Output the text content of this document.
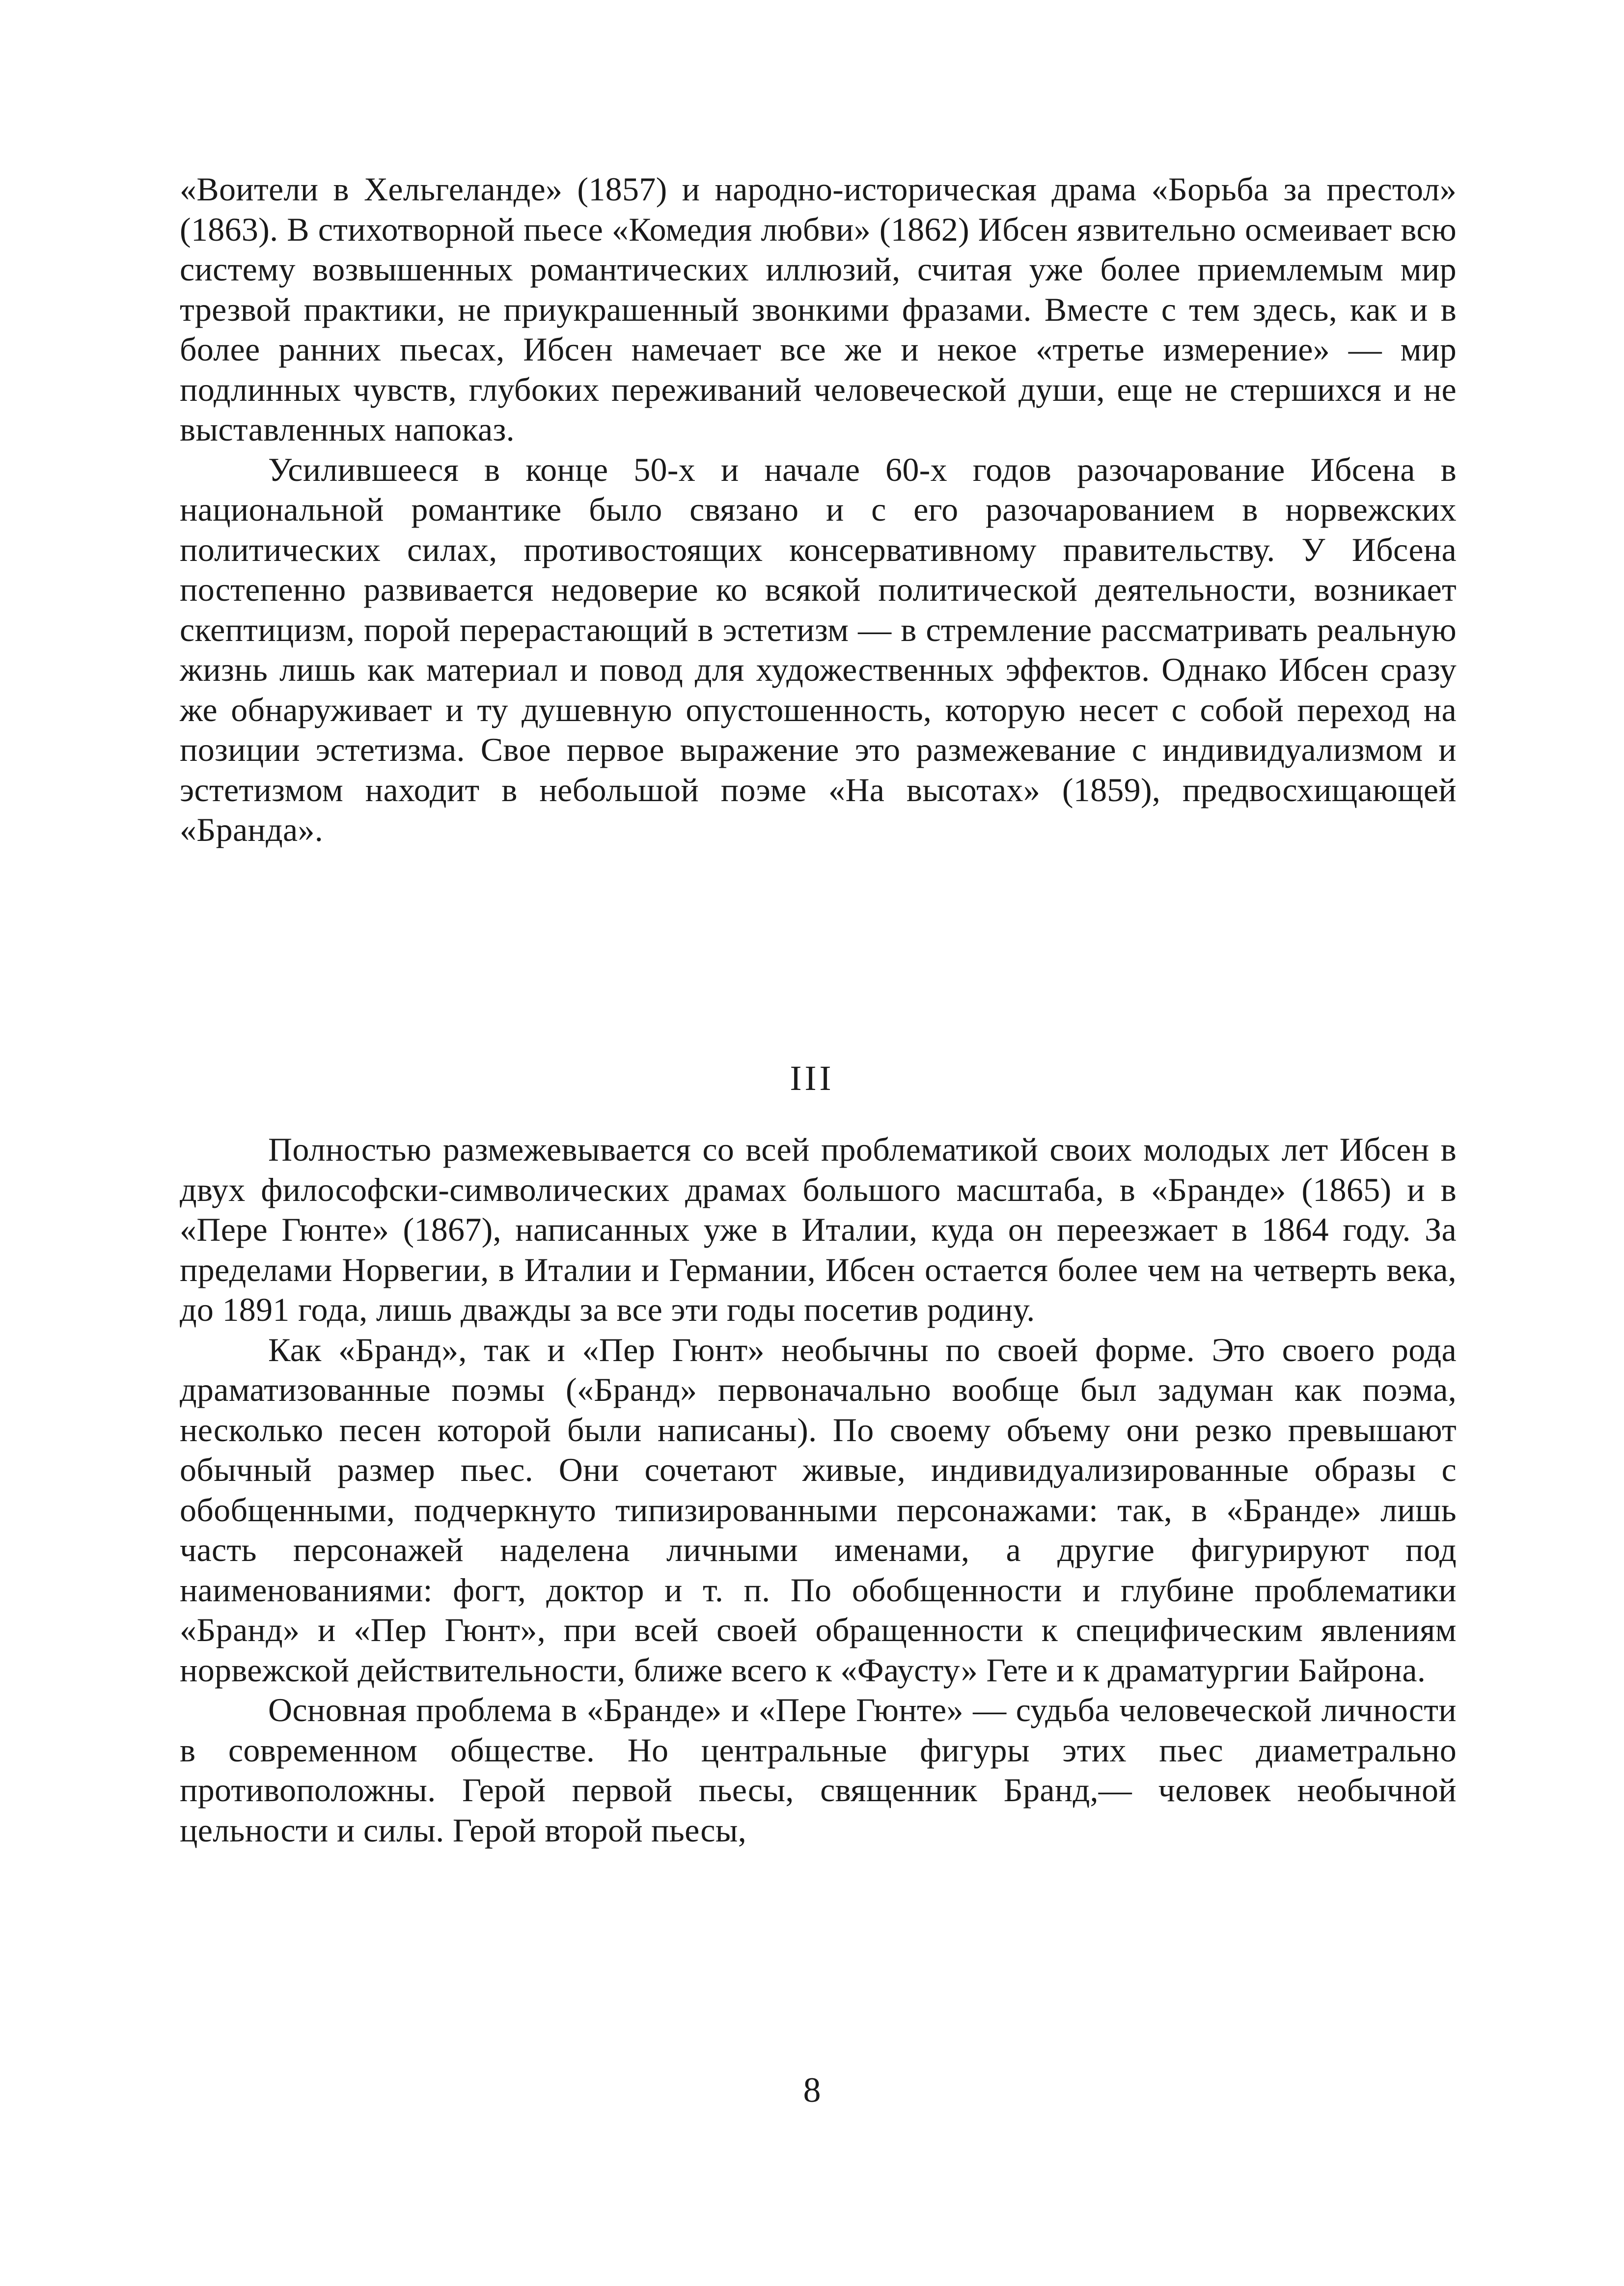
«Воители в Хельгеланде» (1857) и народно-историческая драма «Борьба за престол» (1863). В стихотворной пьесе «Комедия любви» (1862) Ибсен язвительно осмеивает всю систему возвышенных романтических иллюзий, считая уже более приемлемым мир трезвой практики, не приукрашенный звонкими фразами. Вместе с тем здесь, как и в более ранних пьесах, Ибсен намечает все же и некое «третье измерение» — мир подлинных чувств, глубоких переживаний человеческой души, еще не стершихся и не выставленных напоказ.

Усилившееся в конце 50-х и начале 60-х годов разочарование Ибсена в национальной романтике было связано и с его разочарованием в норвежских политических силах, противостоящих консервативному правительству. У Ибсена постепенно развивается недоверие ко всякой политической деятельности, возникает скептицизм, порой перерастающий в эстетизм — в стремление рассматривать реальную жизнь лишь как материал и повод для художественных эффектов. Однако Ибсен сразу же обнаруживает и ту душевную опустошенность, которую несет с собой переход на позиции эстетизма. Свое первое выражение это размежевание с индивидуализмом и эстетизмом находит в небольшой поэме «На высотах» (1859), предвосхищающей «Бранда».

III

Полностью размежевывается со всей проблематикой своих молодых лет Ибсен в двух философски-символических драмах большого масштаба, в «Бранде» (1865) и в «Пере Гюнте» (1867), написанных уже в Италии, куда он переезжает в 1864 году. За пределами Норвегии, в Италии и Германии, Ибсен остается более чем на четверть века, до 1891 года, лишь дважды за все эти годы посетив родину.

Как «Бранд», так и «Пер Гюнт» необычны по своей форме. Это своего рода драматизованные поэмы («Бранд» первоначально вообще был задуман как поэма, несколько песен которой были написаны). По своему объему они резко превышают обычный размер пьес. Они сочетают живые, индивидуализированные образы с обобщенными, подчеркнуто типизированными персонажами: так, в «Бранде» лишь часть персонажей наделена личными именами, а другие фигурируют под наименованиями: фогт, доктор и т. п. По обобщенности и глубине проблематики «Бранд» и «Пер Гюнт», при всей своей обращенности к специфическим явлениям норвежской действительности, ближе всего к «Фаусту» Гете и к драматургии Байрона.

Основная проблема в «Бранде» и «Пере Гюнте» — судьба человеческой личности в современном обществе. Но центральные фигуры этих пьес диаметрально противоположны. Герой первой пьесы, священник Бранд,— человек необычной цельности и силы. Герой второй пьесы,

8
